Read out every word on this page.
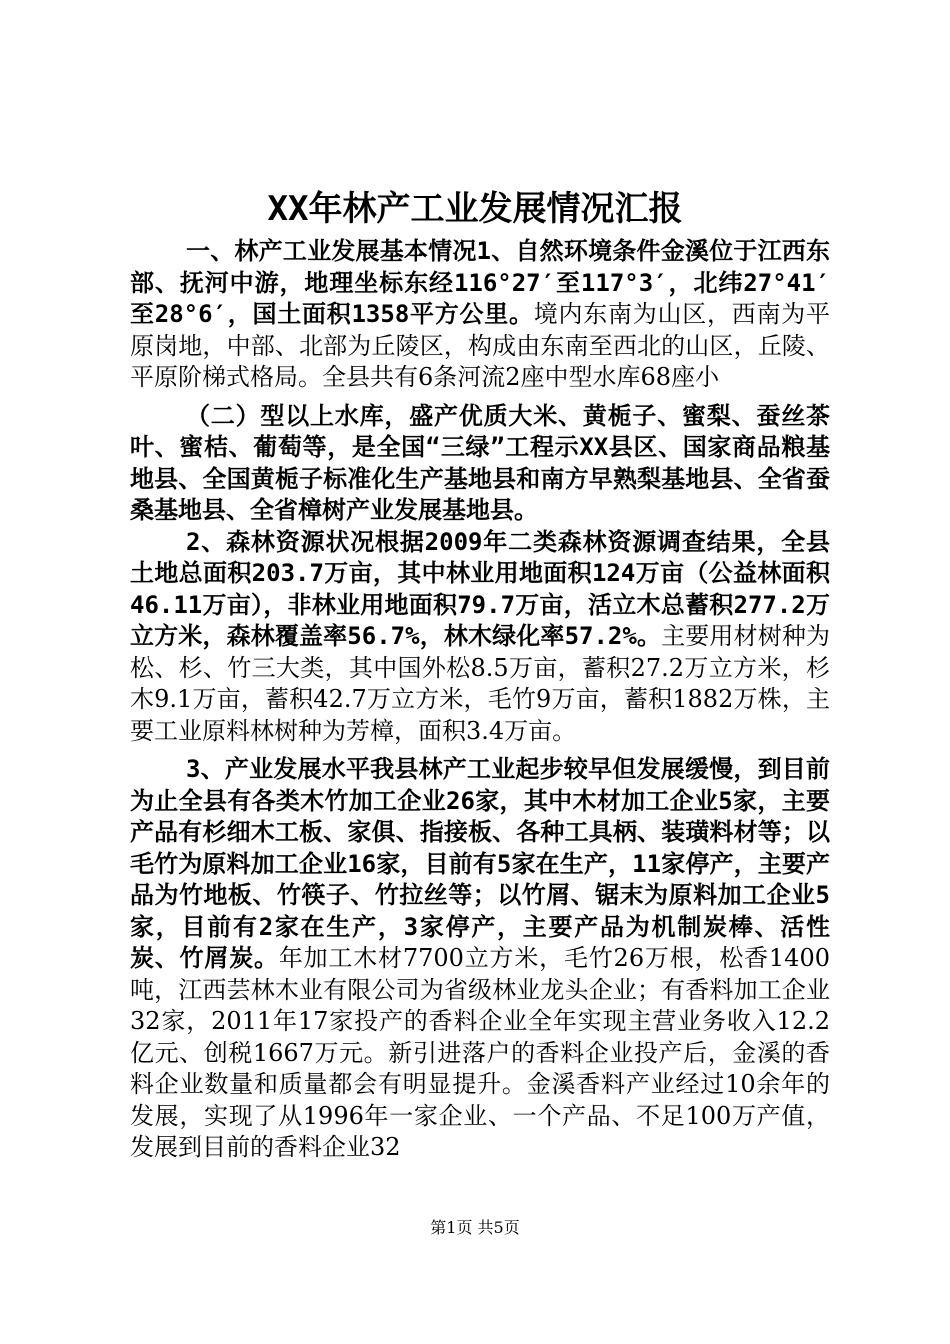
XX年林产工业发展情况汇报

一、林产工业发展基本情况1、自然环境条件金溪位于江西东部、抚河中游，地理坐标东经116°27′至117°3′，北纬27°41′至28°6′，国土面积1358平方公里。境内东南为山区，西南为平原岗地，中部、北部为丘陵区，构成由东南至西北的山区，丘陵、平原阶梯式格局。全县共有6条河流2座中型水库68座小

（二）型以上水库，盛产优质大米、黄栀子、蜜梨、蚕丝茶叶、蜜桔、葡萄等，是全国“三绿”工程示XX县区、国家商品粮基地县、全国黄栀子标准化生产基地县和南方早熟梨基地县、全省蚕桑基地县、全省樟树产业发展基地县。

2、森林资源状况根据2009年二类森林资源调查结果，全县土地总面积203.7万亩，其中林业用地面积124万亩（公益林面积46.11万亩），非林业用地面积79.7万亩，活立木总蓄积277.2万立方米，森林覆盖率56.7%，林木绿化率57.2%。主要用材树种为松、杉、竹三大类，其中国外松8.5万亩，蓄积27.2万立方米，杉木9.1万亩，蓄积42.7万立方米，毛竹9万亩，蓄积1882万株，主要工业原料林树种为芳樟，面积3.4万亩。

3、产业发展水平我县林产工业起步较早但发展缓慢，到目前为止全县有各类木竹加工企业26家，其中木材加工企业5家，主要产品有杉细木工板、家俱、指接板、各种工具柄、装璜料材等；以毛竹为原料加工企业16家，目前有5家在生产，11家停产，主要产品为竹地板、竹筷子、竹拉丝等；以竹屑、锯末为原料加工企业5家，目前有2家在生产，3家停产，主要产品为机制炭棒、活性炭、竹屑炭。年加工木材7700立方米，毛竹26万根，松香1400吨，江西芸林木业有限公司为省级林业龙头企业；有香料加工企业32家，2011年17家投产的香料企业全年实现主营业务收入12.2亿元、创税1667万元。新引进落户的香料企业投产后，金溪的香料企业数量和质量都会有明显提升。金溪香料产业经过10余年的发展，实现了从1996年一家企业、一个产品、不足100万产值，发展到目前的香料企业32

第1页 共5页
